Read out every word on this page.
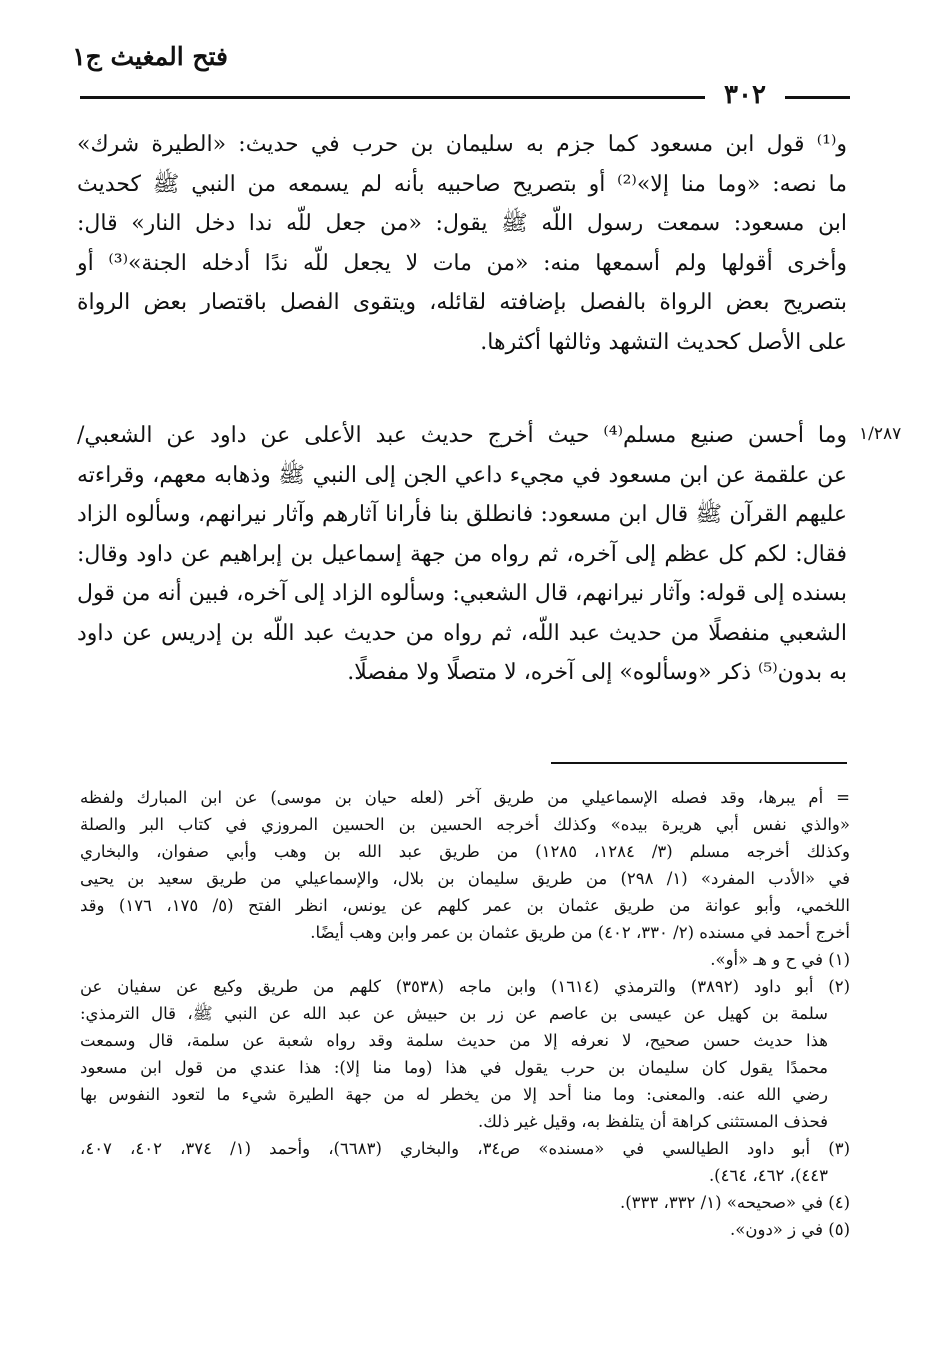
فتح المغيث ج١
٣٠٢
و⁽¹⁾ قول ابن مسعود كما جزم به سليمان بن حرب في حديث: «الطيرة شرك»
ما نصه: «وما منا إلا»⁽²⁾ أو بتصريح صاحبيه بأنه لم يسمعه من النبي ﷺ كحديث
ابن مسعود: سمعت رسول اللّه ﷺ يقول: «من جعل للّه ندا دخل النار» قال:
وأخرى أقولها ولم أسمعها منه: «من مات لا يجعل للّه ندًا أدخله الجنة»⁽³⁾ أو
بتصريح بعض الرواة بالفصل بإضافته لقائله، ويتقوى الفصل باقتصار بعض الرواة
على الأصل كحديث التشهد وثالثها أكثرها.
١/٢٨٧
وما أحسن صنيع مسلم⁽⁴⁾ حيث أخرج حديث عبد الأعلى عن داود عن الشعبي/
عن علقمة عن ابن مسعود في مجيء داعي الجن إلى النبي ﷺ وذهابه معهم، وقراءته
عليهم القرآن ﷺ قال ابن مسعود: فانطلق بنا فأرانا آثارهم وآثار نيرانهم، وسألوه الزاد
فقال: لكم كل عظم إلى آخره، ثم رواه من جهة إسماعيل بن إبراهيم عن داود وقال:
بسنده إلى قوله: وآثار نيرانهم، قال الشعبي: وسألوه الزاد إلى آخره، فبين أنه من قول
الشعبي منفصلًا من حديث عبد اللّه، ثم رواه من حديث عبد اللّه بن إدريس عن داود
به بدون⁽⁵⁾ ذكر «وسألوه» إلى آخره، لا متصلًا ولا مفصلًا.
= أم يبرها، وقد فصله الإسماعيلي من طريق آخر (لعله حيان بن موسى) عن ابن المبارك ولفظه
«والذي نفس أبي هريرة بيده» وكذلك أخرجه الحسين بن الحسين المروزي في كتاب البر والصلة
وكذلك أخرجه مسلم (٣/ ١٢٨٤، ١٢٨٥) من طريق عبد الله بن وهب وأبي صفوان، والبخاري
في «الأدب المفرد» (١/ ٢٩٨) من طريق سليمان بن بلال، والإسماعيلي من طريق سعيد بن يحيى
اللخمي، وأبو عوانة من طريق عثمان بن عمر كلهم عن يونس، انظر الفتح (٥/ ١٧٥، ١٧٦) وقد
أخرج أحمد في مسنده (٢/ ٣٣٠، ٤٠٢) من طريق عثمان بن عمر وابن وهب أيضًا.
(١) في ح و هـ «أو».
(٢) أبو داود (٣٨٩٢) والترمذي (١٦١٤) وابن ماجه (٣٥٣٨) كلهم من طريق وكيع عن سفيان عن
سلمة بن كهيل عن عيسى بن عاصم عن زر بن حبيش عن عبد الله عن النبي ﷺ، قال الترمذي:
هذا حديث حسن صحيح، لا نعرفه إلا من حديث سلمة وقد رواه شعبة عن سلمة، قال وسمعت
محمدًا يقول كان سليمان بن حرب يقول في هذا (وما منا إلا): هذا عندي من قول ابن مسعود
رضي الله عنه. والمعنى: وما منا أحد إلا من يخطر له من جهة الطيرة شيء ما لتعود النفوس بها
فحذف المستثنى كراهة أن يتلفظ به، وقيل غير ذلك.
(٣) أبو داود الطيالسي في «مسنده» ص٣٤، والبخاري (٦٦٨٣)، وأحمد (١/ ٣٧٤، ٤٠٢، ٤٠٧،
٤٤٣)، ٤٦٢، ٤٦٤).
(٤) في «صحيحه» (١/ ٣٣٢، ٣٣٣).
(٥) في ز «دون».
